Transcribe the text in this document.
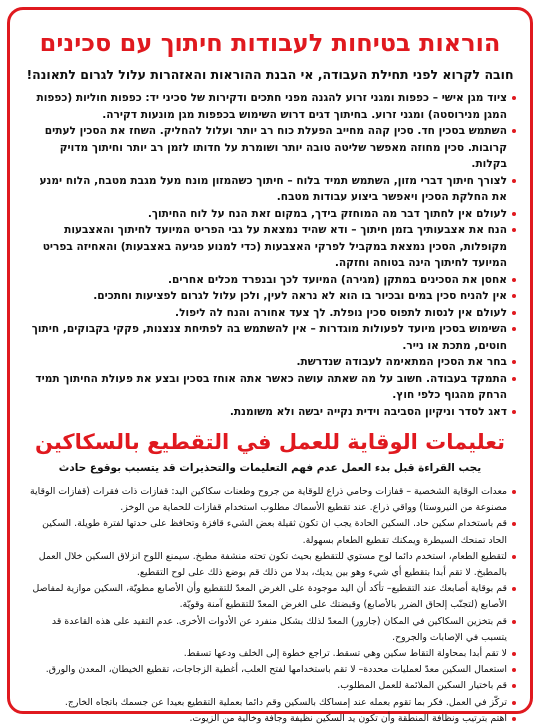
הוראות בטיחות לעבודות חיתוך עם סכינים
חובה לקרוא לפני תחילת העבודה, אי הבנת ההוראות והאזהרות עלול לגרום לתאונה!
ציוד מגן אישי – כפפות ומגני זרוע להגנה מפני חתכים ודקירות של סכיני יד: כפפות חוליות (כפפות המגן מנירוסטה) ומגני זרוע. בחיתוך דגים דרוש השימוש בכפפות מגן מונעות דקירה.
השתמש בסכין חד. סכין קהה מחייב הפעלת כוח רב יותר ועלול להחליק. השחז את הסכין לעתים קרובות. סכין מחוזה מאפשר שליטה טובה יותר ושומרת על חדותו לזמן רב יותר וחיתוך מדויק בקלות.
לצורך חיתוך דברי מזון, השתמש תמיד בלוח – חיתוך כשהמזון מונח מעל מגבת מטבח, הלוח ימנע את החלקת הסכין ויאפשר ביצוע עבודות מטבח.
לעולם אין לחתוך דבר מה המוחזק בידך, במקום זאת הנח על לוח החיתוך.
הנח את אצבעותיך בזמן חיתוך – ודא שהיד נמצאת על גבי הפריט המיועד לחיתוך והאצבעות מקופלות, הסכין נמצאת במקביל לפרקי האצבעות (כדי למנוע פגיעה באצבעות) והאחיזה בפריט המיועד לחיתוך הינה בטוחה וחזקה.
אחסן את הסכינים במתקן (מגירה) המיועד לכך ובנפרד מכלים אחרים.
אין להניח סכין במים ובכיור בו הוא לא נראה לעין, ולכן עלול לגרום לפציעות וחתכים.
לעולם אין לנסות לתפוס סכין נופלת. לך צעד אחורה והנח לה ליפול.
השימוש בסכין מיועד לפעולות מוגדרות – אין להשתמש בה לפתיחת צנצנות, פקקי בקבוקים, חיתוך חוטים, מתכת או נייר.
בחר את הסכין המתאימה לעבודה שנדרשת.
התמקד בעבודה. חשוב על מה שאתה עושה כאשר אתה אוחז בסכין ובצע את פעולת החיתוך תמיד הרחק מהגוף כלפי חוץ.
דאג לסדר וניקיון הסביבה וידית נקייה יבשה ולא משומנת.
تعليمات الوقاية للعمل في التقطيع بالسكاكين
يجب القراءة قبل بدء العمل عدم فهم التعليمات والتحذيرات قد يتسبب بوقوع حادث
معدات الوقاية الشخصية – قفازات وحامي ذراع للوقاية من جروح وطعنات سكاكين اليد: قفازات ذات فقرات (قفازات الوقاية مصنوعة من النيروستا) وواقي ذراع. عند تقطيع الأسماك مطلوب استخدام قفازات للحماية من الوخز.
قم باستخدام سكين حاد. السكين الحادة يجب ان تكون ثقيلة بعض الشيء قافزة وتحافظ على حدتها لفترة طويلة. السكين الحاد تمنحك السيطرة ويمكنك تقطيع الطعام بسهولة.
لتقطيع الطعام، استخدم دائما لوح مستوي للتقطيع بحيث تكون تحته منشفة مطبخ. سيمنع اللوح انزلاق السكين خلال العمل بالمطبخ. لا تقم أبدا بتقطيع أي شيء وهو بين يديك، بدلا من ذلك قم بوضع ذلك على لوح التقطيع.
قم بوقاية أصابعك عند التقطيع– تأكد أن اليد موجودة على الغرض المعدّ للتقطيع وأن الأصابع مطويّة، السكين موازية لمفاصل الأصابع (لتجنّب إلحاق الضرر بالأصابع) وقبضتك على الغرض المعدّ للتقطيع آمنة وقويّة.
قم بتخزين السكاكين في المكان (جارور) المعدّ لذلك بشكل منفرد عن الأدوات الأخرى. عدم التقيد على هذه القاعدة قد يتسبب في الإصابات والجروح.
لا تقم أبدا بمحاولة التقاط سكين وهي تسقط. تراجع خطوة إلى الخلف ودعها تسقط.
استعمال السكين معدّ لعمليات محددة– لا تقم باستخدامها لفتح العلب، أغطية الزجاجات، تقطيع الخيطان، المعدن والورق.
قم باختيار السكين الملائمة للعمل المطلوب.
تركّز في العمل. فكر بما تقوم بعمله عند إمساكك بالسكين وقم دائما بعملية التقطيع بعيدا عن جسمك باتجاه الخارج.
اهتم بترتيب ونظافة المنطقة وأن تكون يد السكين نظيفة وجافة وخالية من الزيوت.
